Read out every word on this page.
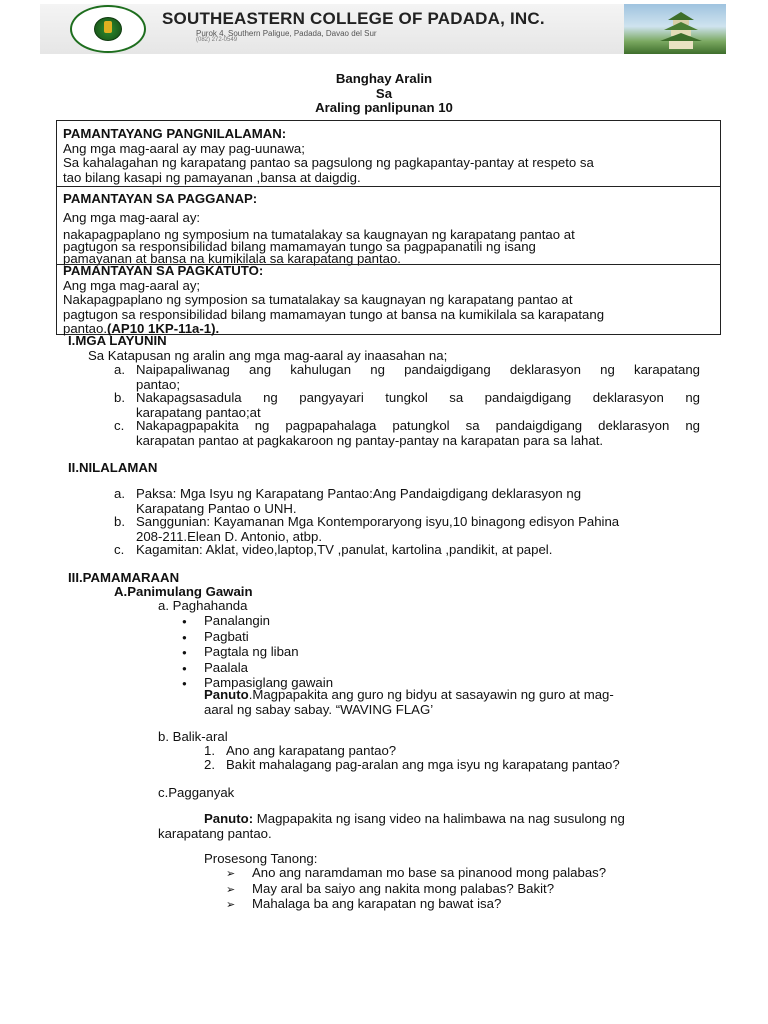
SOUTHEASTERN COLLEGE OF PADADA, INC.
Purok 4, Southern Paligue, Padada, Davao del Sur
(082) 272-0549
Banghay Aralin
Sa
Araling panlipunan 10
PAMANTAYANG PANGNILALAMAN:
Ang mga mag-aaral ay may pag-uunawa;
Sa kahalagahan ng karapatang pantao sa pagsulong ng pagkapantay-pantay at respeto sa
tao bilang kasapi ng pamayanan ,bansa at daigdig.
PAMANTAYAN SA PAGGANAP:
Ang mga mag-aaral ay:
nakapagpaplano ng symposium na tumatalakay sa kaugnayan ng karapatang pantao at
pagtugon sa responsibilidad bilang mamamayan tungo sa pagpapanatili ng isang
pamayanan at bansa na kumikilala sa karapatang pantao.
PAMANTAYAN SA PAGKATUTO:
Ang mga mag-aaral ay;
Nakapagpaplano ng symposion sa tumatalakay sa kaugnayan ng karapatang pantao at
pagtugon sa responsibilidad bilang mamamayan tungo at bansa na kumikilala sa karapatang
pantao.(AP10 1KP-11a-1).
I.MGA LAYUNIN
Sa Katapusan ng aralin ang mga mag-aaral ay inaasahan na;
a. Naipapaliwanag ang kahulugan ng pandaigdigang deklarasyon ng karapatang
pantao;
b. Nakapagsasadula ng pangyayari tungkol sa pandaigdigang deklarasyon ng
karapatang pantao;at
c. Nakapagpapakita ng pagpapahalaga patungkol sa pandaigdigang deklarasyon ng
karapatan pantao at pagkakaroon ng pantay-pantay na karapatan para sa lahat.
II.NILALAMAN
a. Paksa: Mga Isyu ng Karapatang Pantao:Ang Pandaigdigang deklarasyon ng
Karapatang Pantao o UNH.
b. Sanggunian: Kayamanan Mga Kontemporaryong isyu,10 binagong edisyon Pahina
208-211.Elean D. Antonio, atbp.
c. Kagamitan: Aklat, video,laptop,TV ,panulat, kartolina ,pandikit, at papel.
III.PAMAMARAAN
A.Panimulang Gawain
a. Paghahanda
● Panalangin
● Pagbati
● Pagtala ng liban
● Paalala
● Pampasiglang gawain
Panuto.Magpapakita ang guro ng bidyu at sasayawin ng guro at mag-
aaral ng sabay sabay. “WAVING FLAG’
b. Balik-aral
1. Ano ang karapatang pantao?
2. Bakit mahalagang pag-aralan ang mga isyu ng karapatang pantao?
c.Pagganyak
Panuto: Magpapakita ng isang video na halimbawa na nag susulong ng
karapatang pantao.
Prosesong Tanong:
➢ Ano ang naramdaman mo base sa pinanood mong palabas?
➢ May aral ba saiyo ang nakita mong palabas? Bakit?
➢ Mahalaga ba ang karapatan ng bawat isa?
